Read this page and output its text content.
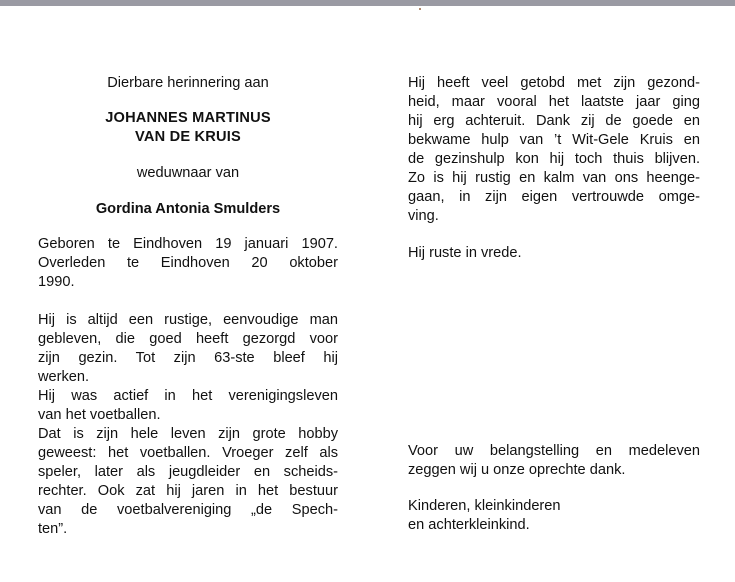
Dierbare herinnering aan
JOHANNES MARTINUS
VAN DE KRUIS
weduwnaar van
Gordina Antonia Smulders
Geboren te Eindhoven 19 januari 1907.
Overleden te Eindhoven 20 oktober
1990.
Hij is altijd een rustige, eenvoudige man
gebleven, die goed heeft gezorgd voor
zijn gezin. Tot zijn 63-ste bleef hij
werken.
Hij was actief in het verenigingsleven
van het voetballen.
Dat is zijn hele leven zijn grote hobby
geweest: het voetballen. Vroeger zelf als
speler, later als jeugdleider en scheids-
rechter. Ook zat hij jaren in het bestuur
van de voetbalvereniging „de Spech-
ten”.
Hij heeft veel getobd met zijn gezond-
heid, maar vooral het laatste jaar ging
hij erg achteruit. Dank zij de goede en
bekwame hulp van ’t Wit-Gele Kruis en
de gezinshulp kon hij toch thuis blijven.
Zo is hij rustig en kalm van ons heenge-
gaan, in zijn eigen vertrouwde omge-
ving.
Hij ruste in vrede.
Voor uw belangstelling en medeleven
zeggen wij u onze oprechte dank.
Kinderen, kleinkinderen
en achterkleinkind.
